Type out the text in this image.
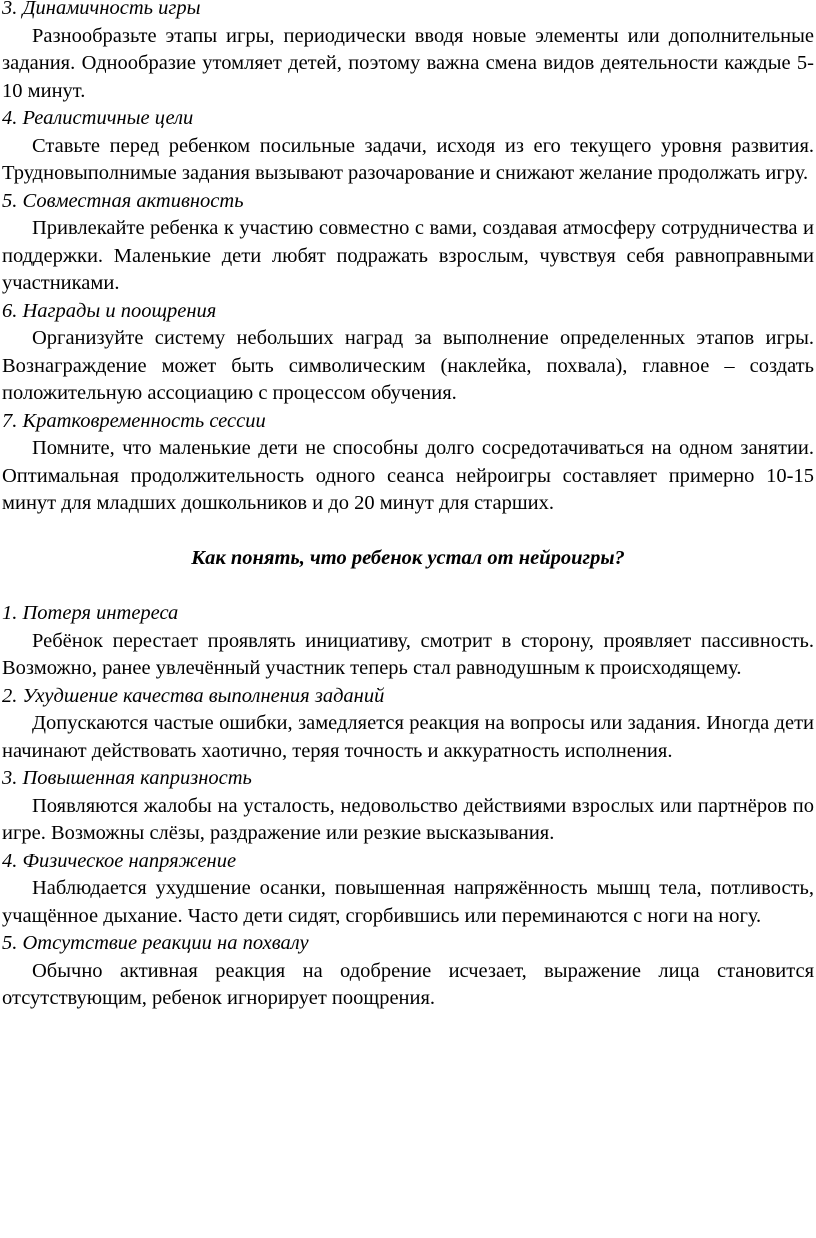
3. Динамичность игры

Разнообразьте этапы игры, периодически вводя новые элементы или дополнительные задания. Однообразие утомляет детей, поэтому важна смена видов деятельности каждые 5-10 минут.

4. Реалистичные цели

Ставьте перед ребенком посильные задачи, исходя из его текущего уровня развития. Трудновыполнимые задания вызывают разочарование и снижают желание продолжать игру.

5. Совместная активность

Привлекайте ребенка к участию совместно с вами, создавая атмосферу сотрудничества и поддержки. Маленькие дети любят подражать взрослым, чувствуя себя равноправными участниками.

6. Награды и поощрения

Организуйте систему небольших наград за выполнение определенных этапов игры. Вознаграждение может быть символическим (наклейка, похвала), главное – создать положительную ассоциацию с процессом обучения.

7. Кратковременность сессии

Помните, что маленькие дети не способны долго сосредотачиваться на одном занятии. Оптимальная продолжительность одного сеанса нейроигры составляет примерно 10-15 минут для младших дошкольников и до 20 минут для старших.

Как понять, что ребенок устал от нейроигры?

1. Потеря интереса

Ребёнок перестает проявлять инициативу, смотрит в сторону, проявляет пассивность. Возможно, ранее увлечённый участник теперь стал равнодушным к происходящему.

2. Ухудшение качества выполнения заданий

Допускаются частые ошибки, замедляется реакция на вопросы или задания. Иногда дети начинают действовать хаотично, теряя точность и аккуратность исполнения.

3. Повышенная капризность

Появляются жалобы на усталость, недовольство действиями взрослых или партнёров по игре. Возможны слёзы, раздражение или резкие высказывания.

4. Физическое напряжение

Наблюдается ухудшение осанки, повышенная напряжённость мышц тела, потливость, учащённое дыхание. Часто дети сидят, сгорбившись или переминаются с ноги на ногу.

5. Отсутствие реакции на похвалу

Обычно активная реакция на одобрение исчезает, выражение лица становится отсутствующим, ребенок игнорирует поощрения.
